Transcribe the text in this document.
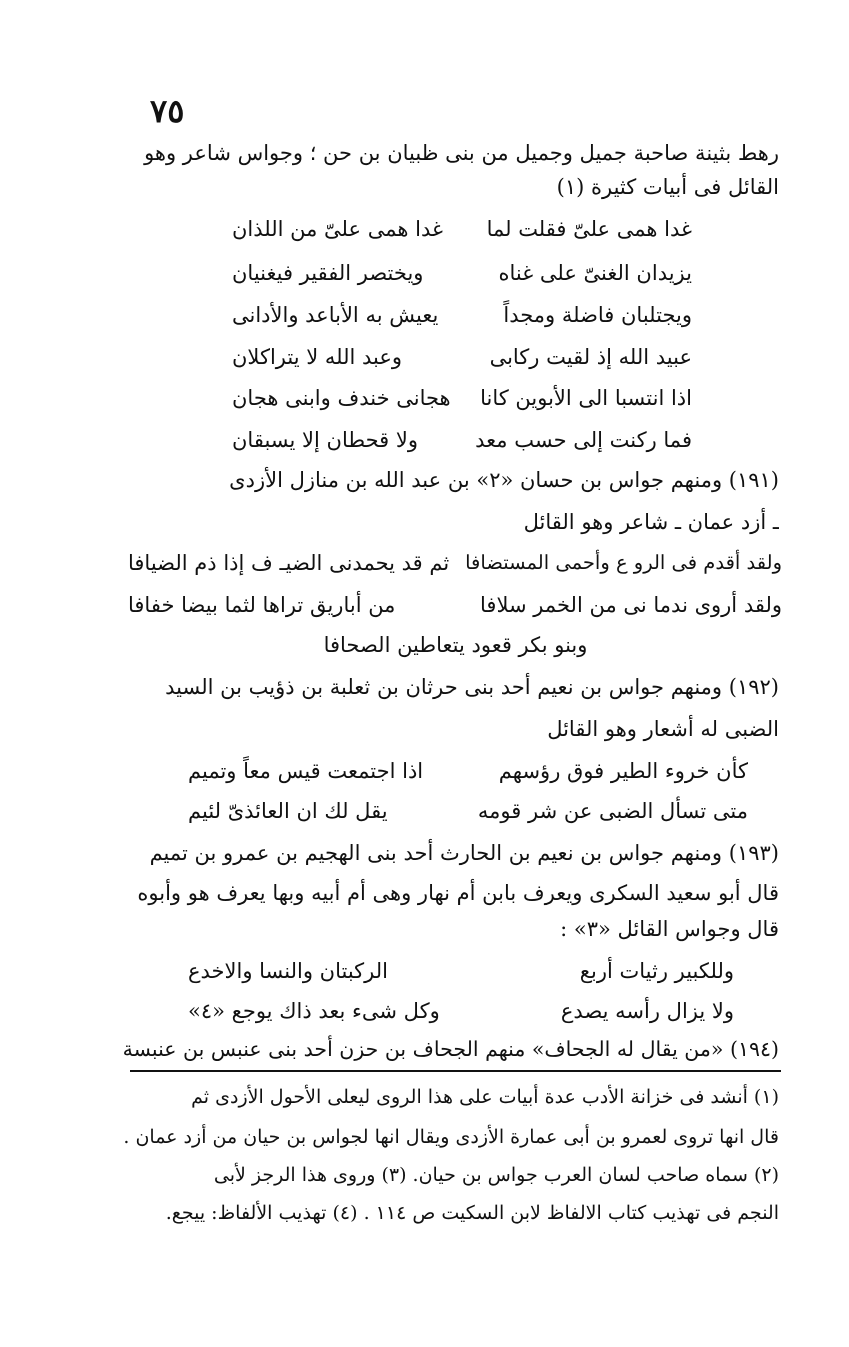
٧٥
رهط بثينة صاحبة جميل وجميل من بنى ظبيان بن حن ؛ وجواس شاعر وهو
القائل فى أبيات كثيرة (١)
غدا همى علىّ فقلت لما
غدا همى علىّ من اللذان
يزيدان الغنىّ على غناه
ويختصر الفقير فيغنيان
ويجتلبان فاضلة ومجداً
يعيش به الأباعد والأدانى
عبيد الله إذ لقيت ركابى
وعبد الله لا يتراكلان
اذا انتسبا الى الأبوين كانا
هجانى خندف وابنى هجان
فما ركنت إلى حسب معد
ولا قحطان إلا يسبقان
(١٩١) ومنهم جواس بن حسان «٢» بن عبد الله بن منازل الأزدى
ـ أزد عمان ـ شاعر وهو القائل
ولقد أقدم فى الرو ع وأحمى المستضافا
ثم قد يحمدنى الضيـ ف إذا ذم الضيافا
ولقد أروى ندما نى من الخمر سلافا
من أباريق تراها لثما بيضا خفافا
وبنو بكر قعود يتعاطين الصحافا
(١٩٢) ومنهم جواس بن نعيم أحد بنى حرثان بن ثعلبة بن ذؤيب بن السيد
الضبى له أشعار وهو القائل
كأن خروء الطير فوق رؤسهم
اذا اجتمعت قيس معاً وتميم
متى تسأل الضبى عن شر قومه
يقل لك ان العائذىّ لئيم
(١٩٣) ومنهم جواس بن نعيم بن الحارث أحد بنى الهجيم بن عمرو بن تميم
قال أبو سعيد السكرى ويعرف بابن أم نهار وهى أم أبيه وبها يعرف هو وأبوه
قال وجواس القائل «٣» :
وللكبير رثيات أربع
الركبتان والنسا والاخدع
ولا يزال رأسه يصدع
وكل شىء بعد ذاك يوجع «٤»
(١٩٤) «من يقال له الجحاف» منهم الجحاف بن حزن أحد بنى عنبس بن عنبسة
(١) أنشد فى خزانة الأدب عدة أبيات على هذا الروى ليعلى الأحول الأزدى ثم
قال انها تروى لعمرو بن أبى عمارة الأزدى ويقال انها لجواس بن حيان من أزد عمان .
(٢) سماه صاحب لسان العرب جواس بن حيان. (٣) وروى هذا الرجز لأبى
النجم فى تهذيب كتاب الالفاظ لابن السكيت ص ١١٤ . (٤) تهذيب الألفاظ: ييجع.
